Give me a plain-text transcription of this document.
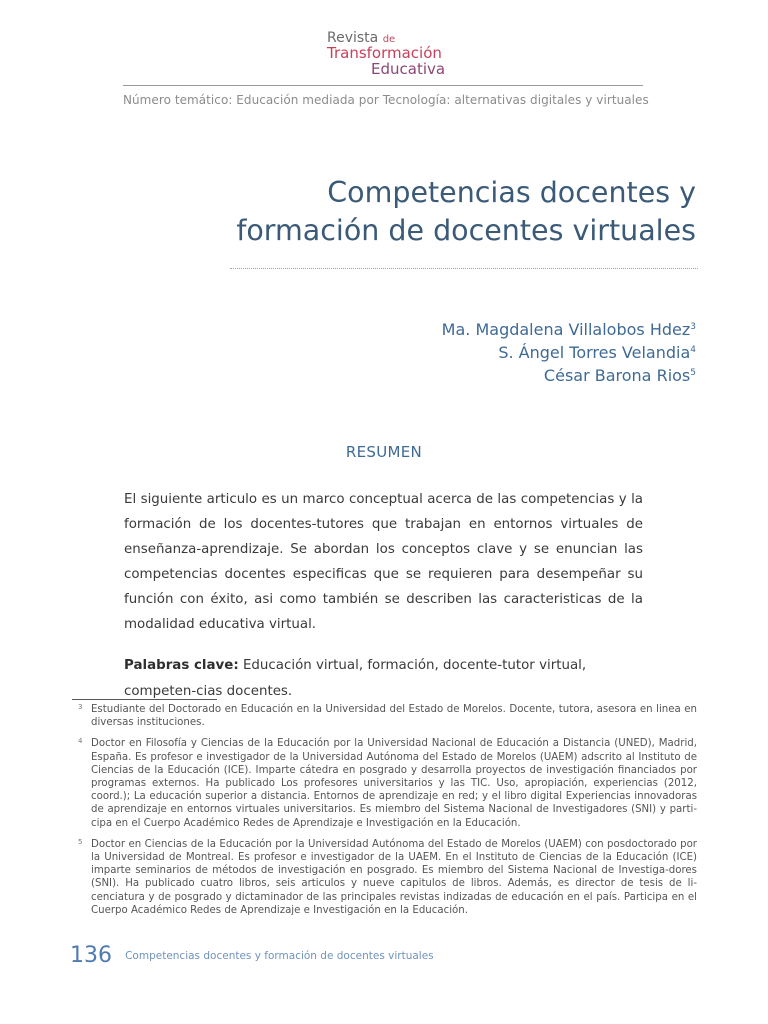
Revista de
Transformación
Educativa
Número temático: Educación mediada por Tecnología: alternativas digitales y virtuales
Competencias docentes y
formación de docentes virtuales
Ma. Magdalena Villalobos Hdez$^3$
S. Ángel Torres Velandia$^4$
César Barona Rios$^5$
RESUMEN

El siguiente articulo es un marco conceptual acerca de las competencias y la formación de los docentes-tutores que trabajan en entornos virtuales de enseñanza-aprendizaje. Se abordan los conceptos clave y se enuncian las competencias docentes especificas que se requieren para desempeñar su función con éxito, asi como también se describen las caracteristicas de la modalidad educativa virtual.

Palabras clave: Educación virtual, formación, docente-tutor virtual, competen-cias docentes.

3 Estudiante del Doctorado en Educación en la Universidad del Estado de Morelos. Docente, tutora, asesora en linea en diversas instituciones.
4 Doctor en Filosofía y Ciencias de la Educación por la Universidad Nacional de Educación a Distancia (UNED), Madrid, España. Es profesor e investigador de la Universidad Autónoma del Estado de Morelos (UAEM) adscrito al Instituto de Ciencias de la Educación (ICE). Imparte cátedra en posgrado y desarrolla proyectos de investigación financiados por programas externos. Ha publicado Los profesores universitarios y las TIC. Uso, apropiación, experiencias (2012, coord.); La educación superior a distancia. Entornos de aprendizaje en red; y el libro digital Experiencias innovadoras de aprendizaje en entornos virtuales universitarios. Es miembro del Sistema Nacional de Investigadores (SNI) y parti-cipa en el Cuerpo Académico Redes de Aprendizaje e Investigación en la Educación.
5 Doctor en Ciencias de la Educación por la Universidad Autónoma del Estado de Morelos (UAEM) con posdoctorado por la Universidad de Montreal. Es profesor e investigador de la UAEM. En el Instituto de Ciencias de la Educación (ICE) imparte seminarios de métodos de investigación en posgrado. Es miembro del Sistema Nacional de Investiga-dores (SNI). Ha publicado cuatro libros, seis articulos y nueve capitulos de libros. Además, es director de tesis de li-cenciatura y de posgrado y dictaminador de las principales revistas indizadas de educación en el país. Participa en el Cuerpo Académico Redes de Aprendizaje e Investigación en la Educación.
136 Competencias docentes y formación de docentes virtuales
